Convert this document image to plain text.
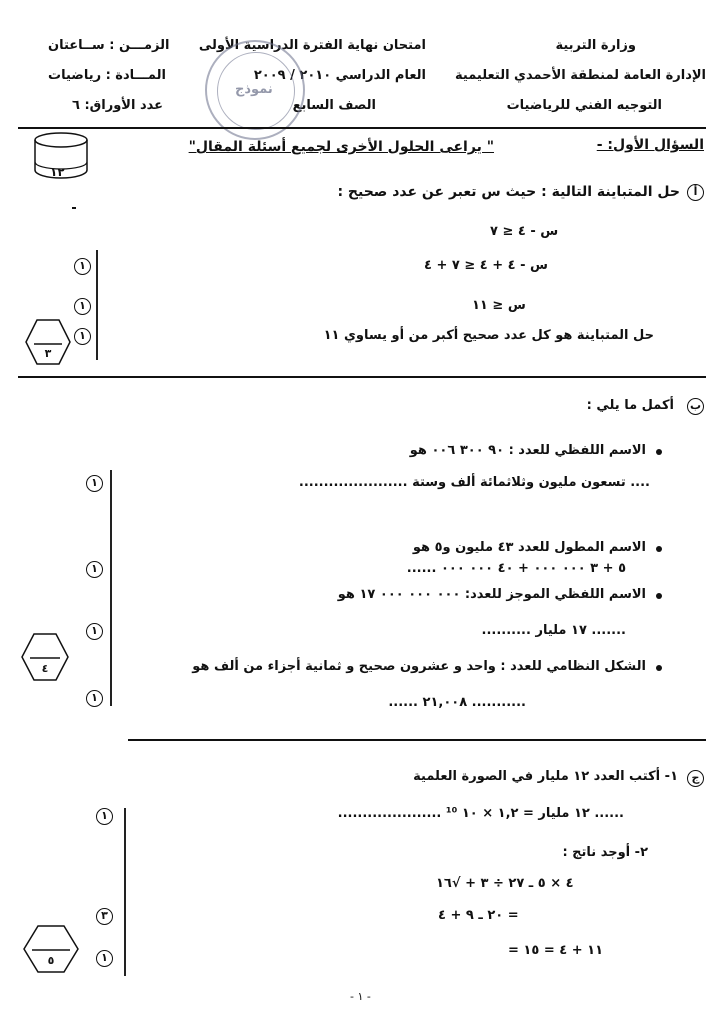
وزارة التربية
الإدارة العامة لمنطقة الأحمدي التعليمية
التوجيه الفني للرياضيات
امتحان نهاية الفترة الدراسية الأولى
العام الدراسي ٢٠١٠ / ٢٠٠٩
الصف السابع
الزمـــن : ســاعتان
المـــادة : رياضيات
عدد الأوراق: ٦
نموذج
السؤال الأول: -
" يراعى الحلول الأخرى لجميع أسئلة المقال"
١٢
أ
حل المتباينة التالية : حيث س تعبر عن عدد صحيح :
س - ٤ ≤ ٧
س - ٤ + ٤ ≤ ٧ + ٤
س ≤ ١١
حل المتباينة هو كل عدد صحيح أكبر من أو يساوي ١١
١
١
١
٣
ب
أكمل ما يلي :
الاسم اللفظي للعدد : ٩٠ ٣٠٠ ٠٠٦ هو
.... تسعون مليون وثلاثمائة ألف وستة ......................
الاسم المطول للعدد ٤٣ مليون و٥ هو
...... ٥ + ٣ ٠٠٠ ٠٠٠ + ٤٠ ٠٠٠ ٠٠٠
الاسم اللفظي الموجز للعدد: ٠٠٠ ٠٠٠ ٠٠٠ ١٧ هو
....... ١٧ مليار ..........
الشكل النظامي للعدد : واحد و عشرون صحيح و ثمانية أجزاء من ألف هو
...... ٢١,٠٠٨ ...........
١
١
١
١
٤
ج
١- أكتب العدد ١٢ مليار في الصورة العلمية
...... ١٢ مليار = ١,٢ × ١٠ ¹⁰ .....................
٢- أوجد ناتج :
٤ × ٥ ـ ٢٧ ÷ ٣ + √١٦
= ٢٠ ـ ٩ + ٤
= ١١ + ٤ = ١٥
١
٣
١
٥
- ١ -
